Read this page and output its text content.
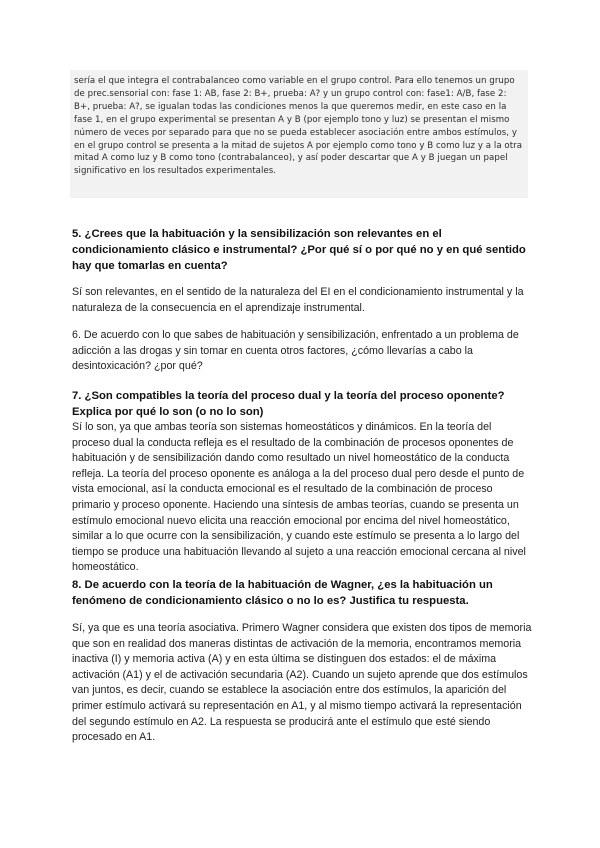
sería el que integra el contrabalanceo como variable en el grupo control. Para ello tenemos un grupo de prec.sensorial con: fase 1: AB, fase 2: B+, prueba: A? y un grupo control con: fase1: A/B, fase 2: B+, prueba: A?, se igualan todas las condiciones menos la que queremos medir, en este caso en la fase 1, en el grupo experimental se presentan A y B (por ejemplo tono y luz) se presentan el mismo número de veces por separado para que no se pueda establecer asociación entre ambos estímulos, y en el grupo control se presenta a la mitad de sujetos A por ejemplo como tono y B como luz y a la otra mitad A como luz y B como tono (contrabalanceo), y así poder descartar que A y B juegan un papel significativo en los resultados experimentales.

5. ¿Crees que la habituación y la sensibilización son relevantes en el condicionamiento clásico e instrumental? ¿Por qué sí o por qué no y en qué sentido hay que tomarlas en cuenta?

Sí son relevantes, en el sentido de la naturaleza del EI en el condicionamiento instrumental y la naturaleza de la consecuencia en el aprendizaje instrumental.

6. De acuerdo con lo que sabes de habituación y sensibilización, enfrentado a un problema de adicción a las drogas y sin tomar en cuenta otros factores, ¿cómo llevarías a cabo la desintoxicación? ¿por qué?

7. ¿Son compatibles la teoría del proceso dual y la teoría del proceso oponente? Explica por qué lo son (o no lo son)

Sí lo son, ya que ambas teoría son sistemas homeostáticos y dinámicos. En la teoría del proceso dual la conducta refleja es el resultado de la combinación de procesos oponentes de habituación y de sensibilización dando como resultado un nivel homeostático de la conducta refleja. La teoría del proceso oponente es análoga a la del proceso dual pero desde el punto de vista emocional, así la conducta emocional es el resultado de la combinación de proceso primario y proceso oponente. Haciendo una síntesis de ambas teorías, cuando se presenta un estímulo emocional nuevo elicita una reacción emocional por encima del nivel homeostático, similar a lo que ocurre con la sensibilización, y cuando este estímulo se presenta a lo largo del tiempo se produce una habituación llevando al sujeto a una reacción emocional cercana al nivel homeostático.

8. De acuerdo con la teoría de la habituación de Wagner, ¿es la habituación un fenómeno de condicionamiento clásico o no lo es? Justifica tu respuesta.

Sí, ya que es una teoría asociativa. Primero Wagner considera que existen dos tipos de memoria que son en realidad dos maneras distintas de activación de la memoria, encontramos memoria inactiva (I) y memoria activa (A) y en esta última se distinguen dos estados: el de máxima activación (A1) y el de activación secundaria (A2). Cuando un sujeto aprende que dos estímulos van juntos, es decir, cuando se establece la asociación entre dos estímulos, la aparición del primer estímulo activará su representación en A1, y al mismo tiempo activará la representación del segundo estímulo en A2. La respuesta se producirá ante el estímulo que esté siendo procesado en A1.
